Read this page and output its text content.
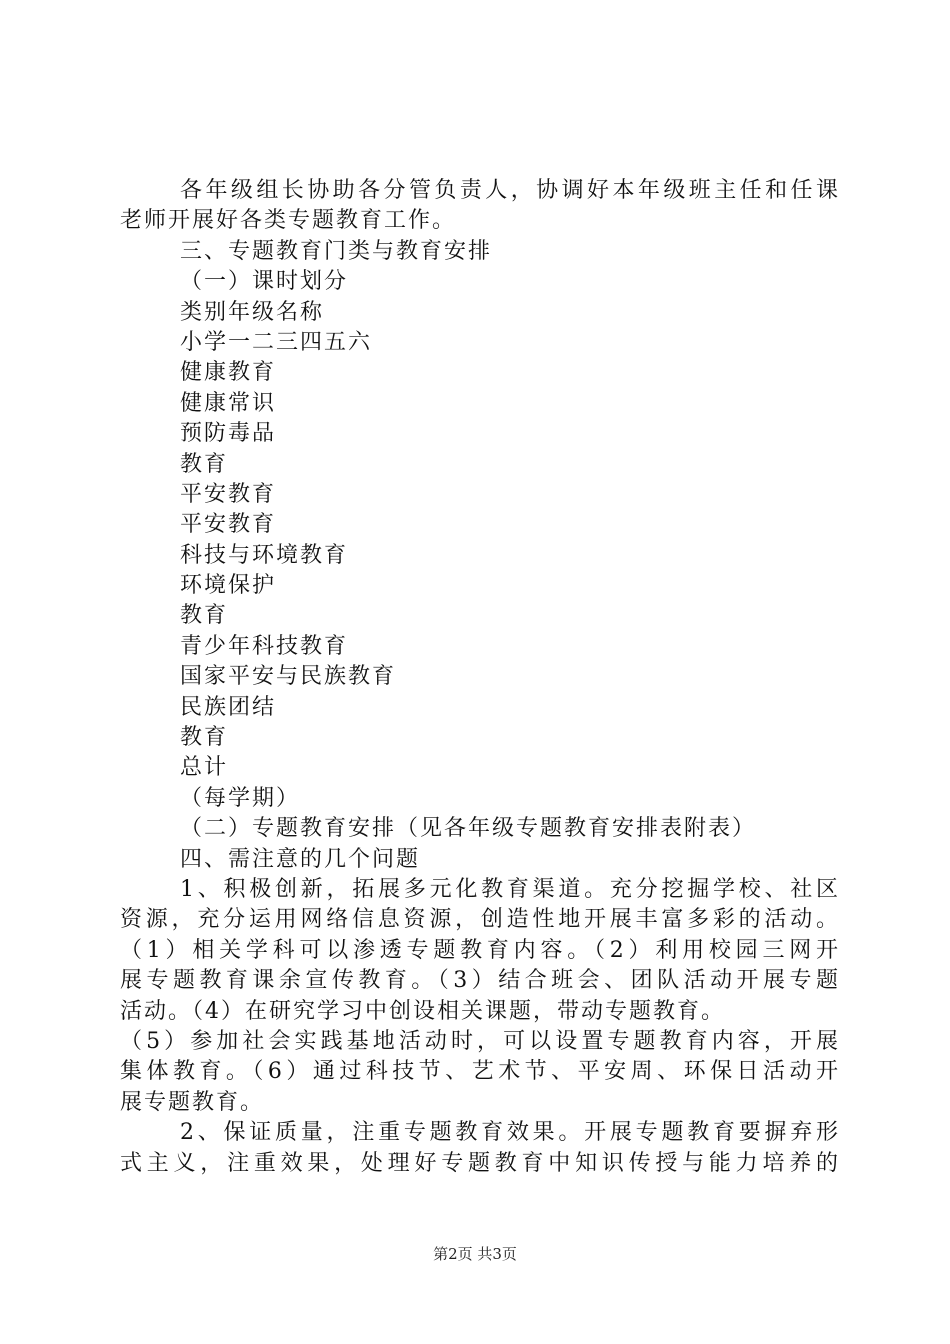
各年级组长协助各分管负责人，协调好本年级班主任和任课
老师开展好各类专题教育工作。
三、专题教育门类与教育安排
（一）课时划分
类别年级名称
小学一二三四五六
健康教育
健康常识
预防毒品
教育
平安教育
平安教育
科技与环境教育
环境保护
教育
青少年科技教育
国家平安与民族教育
民族团结
教育
总计
（每学期）
（二）专题教育安排（见各年级专题教育安排表附表）
四、需注意的几个问题
1、积极创新，拓展多元化教育渠道。充分挖掘学校、社区
资源，充分运用网络信息资源，创造性地开展丰富多彩的活动。
（1）相关学科可以渗透专题教育内容。（2）利用校园三网开
展专题教育课余宣传教育。（3）结合班会、团队活动开展专题
活动。（4）在研究学习中创设相关课题，带动专题教育。
（5）参加社会实践基地活动时，可以设置专题教育内容，开展
集体教育。（6）通过科技节、艺术节、平安周、环保日活动开
展专题教育。
2、保证质量，注重专题教育效果。开展专题教育要摒弃形
式主义，注重效果，处理好专题教育中知识传授与能力培养的
第2页 共3页
